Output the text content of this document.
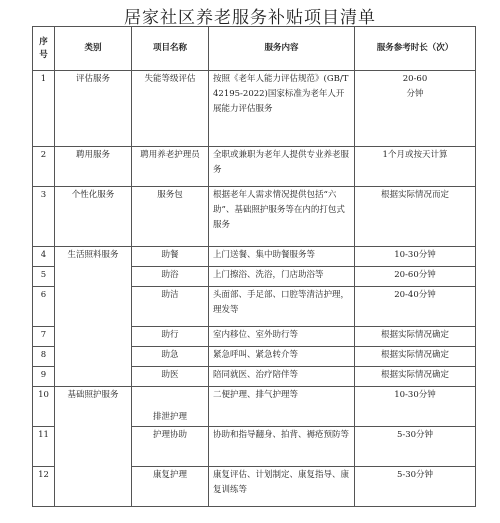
居家社区养老服务补贴项目清单
序号	类别	项目名称	服务内容	服务参考时长（次）
1	评估服务	失能等级评估	按照《老年人能力评估规范》(GB/T 42195-2022)国家标准为老年人开展能力评估服务	20-60
分钟
2	聘用服务	聘用养老护理员	全职或兼职为老年人提供专业养老服务	1个月或按天计算
3	个性化服务	服务包	根据老年人需求情况提供包括“六助”、基础照护服务等在内的打包式服务	根据实际情况而定
4	生活照料服务	助餐	上门送餐、集中助餐服务等	10-30分钟
5		助浴	上门擦浴、洗浴，门店助浴等	20-60分钟
6		助洁	头面部、手足部、口腔等清洁护理，理发等	20-40分钟
7		助行	室内移位、室外助行等	根据实际情况确定
8		助急	紧急呼叫、紧急转介等	根据实际情况确定
9		助医	陪同就医、治疗陪伴等	根据实际情况确定
10	基础照护服务	排泄护理	二便护理、排气护理等	10-30分钟
11		护理协助	协助和指导翻身、拍背、褥疮预防等	5-30分钟
12		康复护理	康复评估、计划制定、康复指导、康复训练等	5-30分钟
